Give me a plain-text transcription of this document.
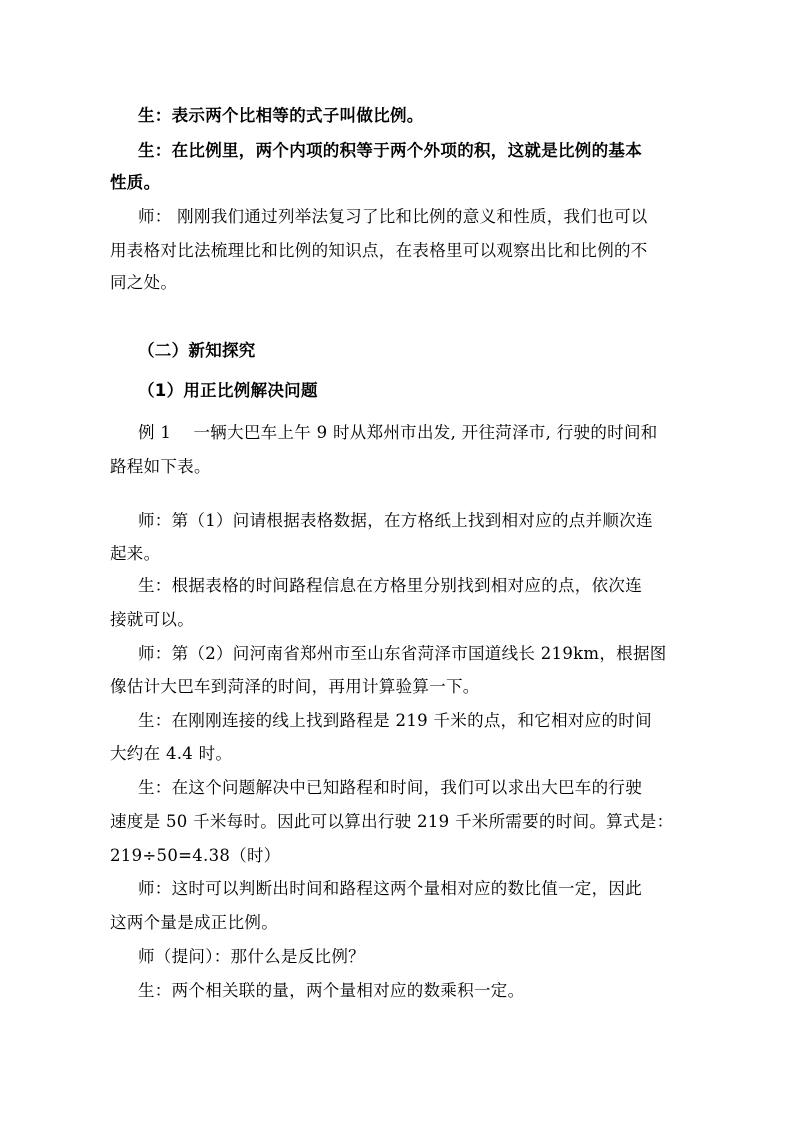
生：表示两个比相等的式子叫做比例。
生：在比例里，两个内项的积等于两个外项的积，这就是比例的基本
性质。
师： 刚刚我们通过列举法复习了比和比例的意义和性质，我们也可以
用表格对比法梳理比和比例的知识点，在表格里可以观察出比和比例的不
同之处。
（二）新知探究
（1）用正比例解决问题
例 1　 一辆大巴车上午 9 时从郑州市出发, 开往菏泽市, 行驶的时间和
路程如下表。
师：第（1）问请根据表格数据，在方格纸上找到相对应的点并顺次连
起来。
生：根据表格的时间路程信息在方格里分别找到相对应的点，依次连
接就可以。
师：第（2）问河南省郑州市至山东省菏泽市国道线长 219km，根据图
像估计大巴车到菏泽的时间，再用计算验算一下。
生：在刚刚连接的线上找到路程是 219 千米的点，和它相对应的时间
大约在 4.4 时。
生：在这个问题解决中已知路程和时间，我们可以求出大巴车的行驶
速度是 50 千米每时。因此可以算出行驶 219 千米所需要的时间。算式是：
219÷50=4.38（时）
师：这时可以判断出时间和路程这两个量相对应的数比值一定，因此
这两个量是成正比例。
师（提问）：那什么是反比例？
生：两个相关联的量，两个量相对应的数乘积一定。
